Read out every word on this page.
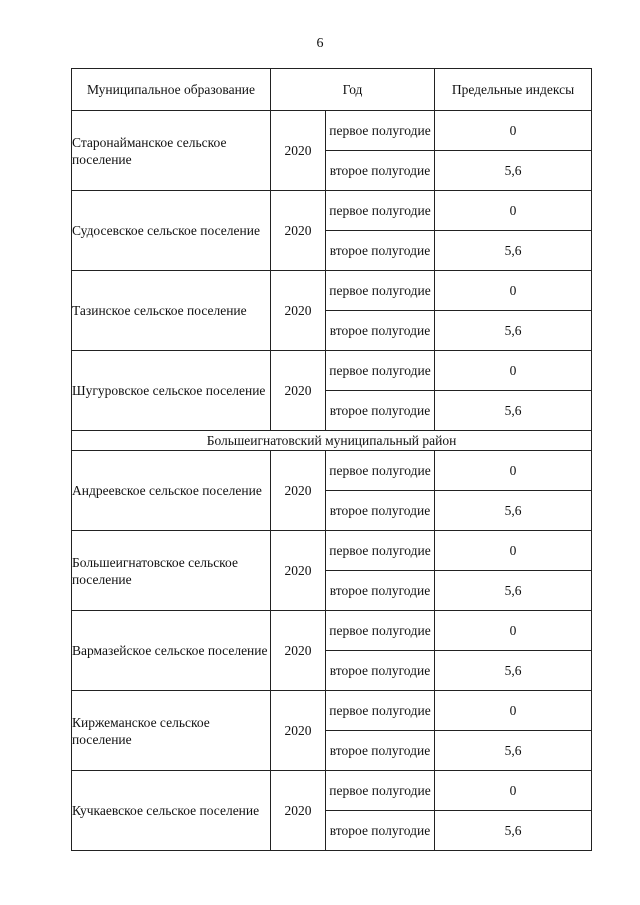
6
Муниципальное образование	Год		Предельные индексы
Старонайманское сельское поселение	2020	первое полугодие	0
		второе полугодие	5,6
Судосевское сельское поселение	2020	первое полугодие	0
		второе полугодие	5,6
Тазинское сельское поселение	2020	первое полугодие	0
		второе полугодие	5,6
Шугуровское сельское поселение	2020	первое полугодие	0
		второе полугодие	5,6
Большеигнатовский муниципальный район			
Андреевское сельское поселение	2020	первое полугодие	0
		второе полугодие	5,6
Большеигнатовское сельское поселение	2020	первое полугодие	0
		второе полугодие	5,6
Вармазейское сельское поселение	2020	первое полугодие	0
		второе полугодие	5,6
Киржеманское сельское поселение	2020	первое полугодие	0
		второе полугодие	5,6
Кучкаевское сельское поселение	2020	первое полугодие	0
		второе полугодие	5,6
